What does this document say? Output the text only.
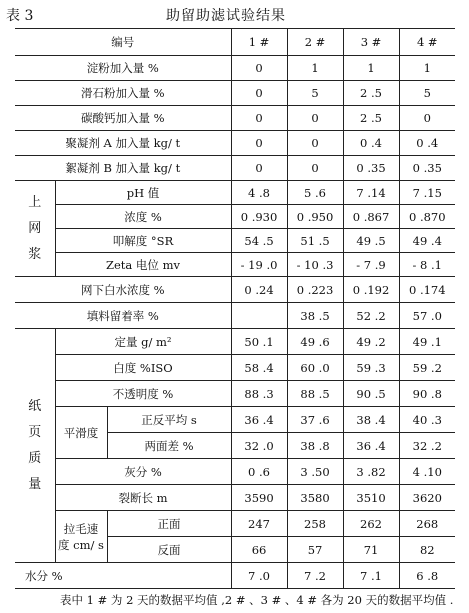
表 3	助留助滤试验结果
编号			1 #	2 #	3 #	4 #
淀粉加入量 %			0	1	1	1
滑石粉加入量 %			0	5	2 .5	5
碳酸钙加入量 %			0	0	2 .5	0
聚凝剂 A 加入量 kg/ t			0	0	0 .4	0 .4
絮凝剂 B 加入量 kg/ t			0	0	0 .35	0 .35
上
网
浆	pH 值		4 .8	5 .6	7 .14	7 .15
	浓度 %		0 .930	0 .950	0 .867	0 .870
	叩解度 °SR		54 .5	51 .5	49 .5	49 .4
	Zeta 电位 mv		- 19 .0	- 10 .3	- 7 .9	- 8 .1
网下白水浓度 %			0 .24	0 .223	0 .192	0 .174
填料留着率 %				38 .5	52 .2	57 .0
纸
页
质
量	定量 g/ m²		50 .1	49 .6	49 .2	49 .1
	白度 %ISO		58 .4	60 .0	59 .3	59 .2
	不透明度 %		88 .3	88 .5	90 .5	90 .8
	平滑度	正反平均 s	36 .4	37 .6	38 .4	40 .3
		两面差 %	32 .0	38 .8	36 .4	32 .2
	灰分 %		0 .6	3 .50	3 .82	4 .10
	裂断长 m		3590	3580	3510	3620
	拉毛速
度 cm/ s	正面	247	258	262	268
		反面	66	57	71	82
水分 %			7 .0	7 .2	7 .1	6 .8
表中 1 # 为 2 天的数据平均值 ,2 # 、3 # 、4 # 各为 20 天的数据平均值 .
